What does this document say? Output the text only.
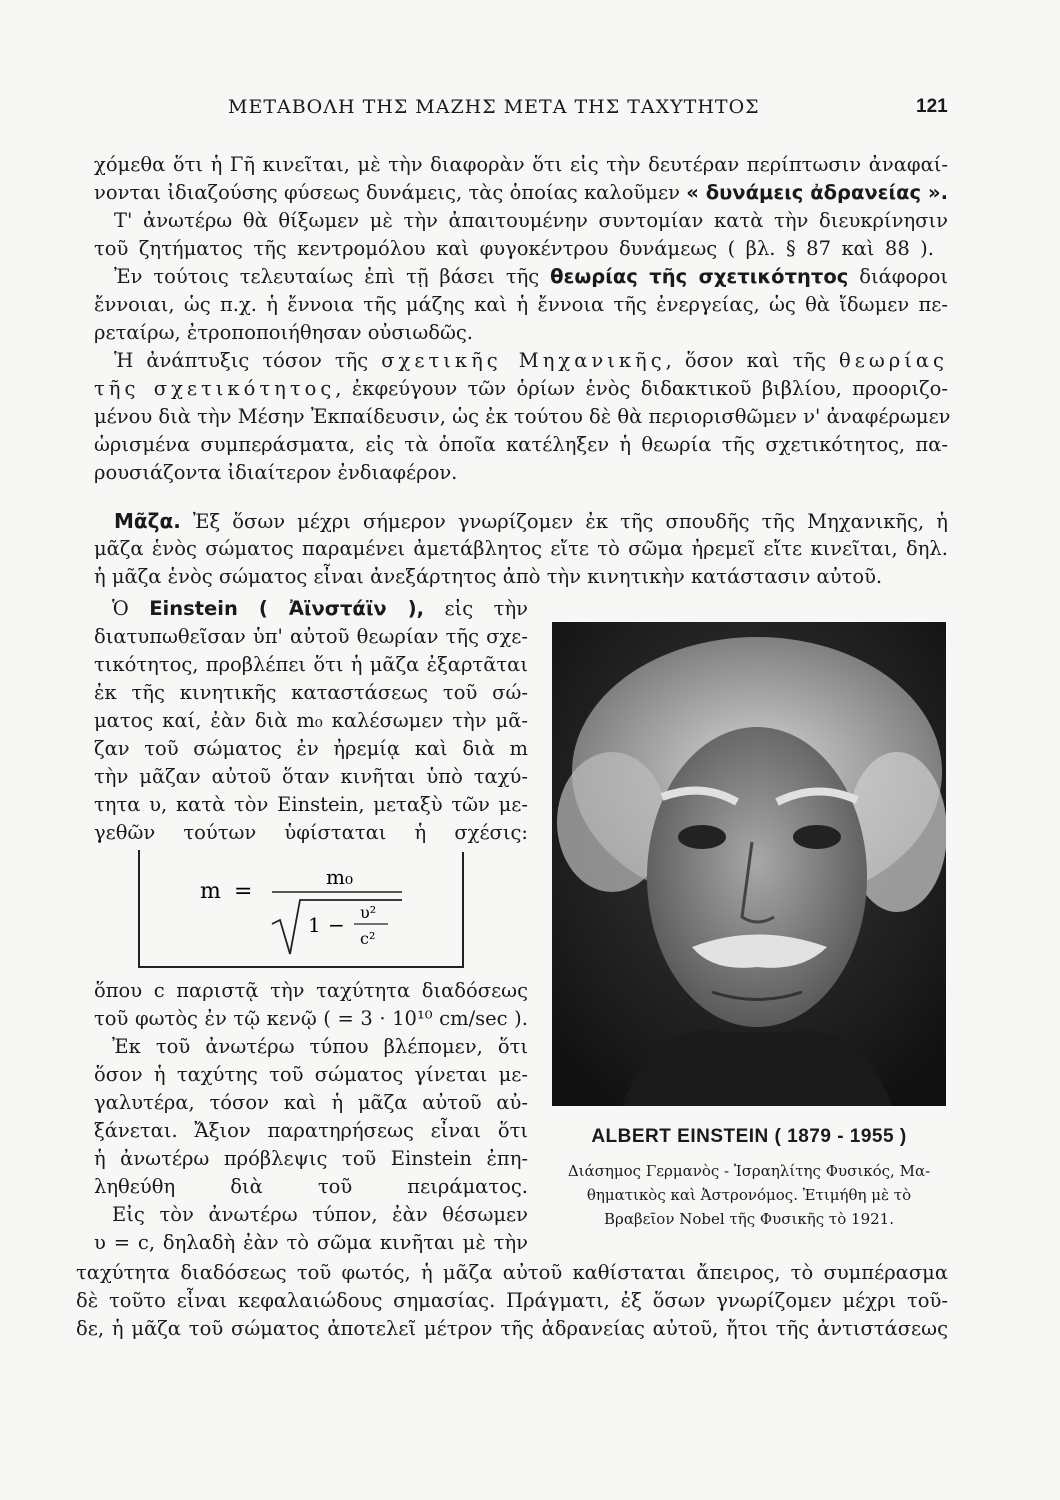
ΜΕΤΑΒΟΛΗ ΤΗΣ ΜΑΖΗΣ ΜΕΤΑ ΤΗΣ ΤΑΧΥΤΗΤΟΣ	121
χόμεθα ὅτι ἡ Γῆ κινεῖται, μὲ τὴν διαφορὰν ὅτι εἰς τὴν δευτέραν περίπτωσιν ἀναφαί-
νονται ἰδιαζούσης φύσεως δυνάμεις, τὰς ὁποίας καλοῦμεν « δυνάμεις ἀδρανείας ».
Τ' ἀνωτέρω θὰ θίξωμεν μὲ τὴν ἀπαιτουμένην συντομίαν κατὰ τὴν διευκρίνησιν
τοῦ ζητήματος τῆς κεντρομόλου καὶ φυγοκέντρου δυνάμεως ( βλ. § 87 καὶ 88 ).
Ἐν τούτοις τελευταίως ἐπὶ τῇ βάσει τῆς θεωρίας τῆς σχετικότητος διάφοροι
ἔννοιαι, ὡς π.χ. ἡ ἔννοια τῆς μάζης καὶ ἡ ἔννοια τῆς ἐνεργείας, ὡς θὰ ἴδωμεν πε-
ρεταίρω, ἐτροποποιήθησαν οὐσιωδῶς.
Ἡ ἀνάπτυξις τόσον τῆς σχετικῆς Μηχανικῆς, ὅσον καὶ τῆς θεωρίας
τῆς σχετικότητος, ἐκφεύγουν τῶν ὁρίων ἑνὸς διδακτικοῦ βιβλίου, προοριζο-
μένου διὰ τὴν Μέσην Ἐκπαίδευσιν, ὡς ἐκ τούτου δὲ θὰ περιορισθῶμεν ν' ἀναφέρωμεν
ὡρισμένα συμπεράσματα, εἰς τὰ ὁποῖα κατέληξεν ἡ θεωρία τῆς σχετικότητος, πα-
ρουσιάζοντα ἰδιαίτερον ἐνδιαφέρον.
Μᾶζα. Ἐξ ὅσων μέχρι σήμερον γνωρίζομεν ἐκ τῆς σπουδῆς τῆς Μηχανικῆς, ἡ
μᾶζα ἑνὸς σώματος παραμένει ἀμετάβλητος εἴτε τὸ σῶμα ἠρεμεῖ εἴτε κινεῖται, δηλ.
ἡ μᾶζα ἑνὸς σώματος εἶναι ἀνεξάρτητος ἀπὸ τὴν κινητικὴν κατάστασιν αὐτοῦ.
Ὁ Einstein ( Ἀϊνστάϊν ), εἰς τὴν
διατυπωθεῖσαν ὑπ' αὐτοῦ θεωρίαν τῆς σχε-
τικότητος, προβλέπει ὅτι ἡ μᾶζα ἐξαρτᾶται
ἐκ τῆς κινητικῆς καταστάσεως τοῦ σώ-
ματος καί, ἐὰν διὰ m₀ καλέσωμεν τὴν μᾶ-
ζαν τοῦ σώματος ἐν ἠρεμίᾳ καὶ διὰ m
τὴν μᾶζαν αὐτοῦ ὅταν κινῆται ὑπὸ ταχύ-
τητα υ, κατὰ τὸν Einstein, μεταξὺ τῶν με-
γεθῶν τούτων ὑφίσταται ἡ σχέσις:
m =
m₀
1 −
υ²
c²
ὅπου c παριστᾷ τὴν ταχύτητα διαδόσεως
τοῦ φωτὸς ἐν τῷ κενῷ ( = 3 · 10¹⁰ cm/sec ).
Ἐκ τοῦ ἀνωτέρω τύπου βλέπομεν, ὅτι
ὅσον ἡ ταχύτης τοῦ σώματος γίνεται με-
γαλυτέρα, τόσον καὶ ἡ μᾶζα αὐτοῦ αὐ-
ξάνεται. Ἄξιον παρατηρήσεως εἶναι ὅτι
ἡ ἀνωτέρω πρόβλεψις τοῦ Einstein ἐπη-
ληθεύθη διὰ τοῦ πειράματος.
Εἰς τὸν ἀνωτέρω τύπον, ἐὰν θέσωμεν
υ = c, δηλαδὴ ἐὰν τὸ σῶμα κινῆται μὲ τὴν
ALBERT EINSTEIN ( 1879 - 1955 )
Διάσημος Γερμανὸς - Ἰσραηλίτης Φυσικός, Μα-
θηματικὸς καὶ Ἀστρονόμος. Ἐτιμήθη μὲ τὸ
Βραβεῖον Nobel τῆς Φυσικῆς τὸ 1921.
ταχύτητα διαδόσεως τοῦ φωτός, ἡ μᾶζα αὐτοῦ καθίσταται ἄπειρος, τὸ συμπέρασμα
δὲ τοῦτο εἶναι κεφαλαιώδους σημασίας. Πράγματι, ἐξ ὅσων γνωρίζομεν μέχρι τοῦ-
δε, ἡ μᾶζα τοῦ σώματος ἀποτελεῖ μέτρον τῆς ἀδρανείας αὐτοῦ, ἤτοι τῆς ἀντιστάσεως
